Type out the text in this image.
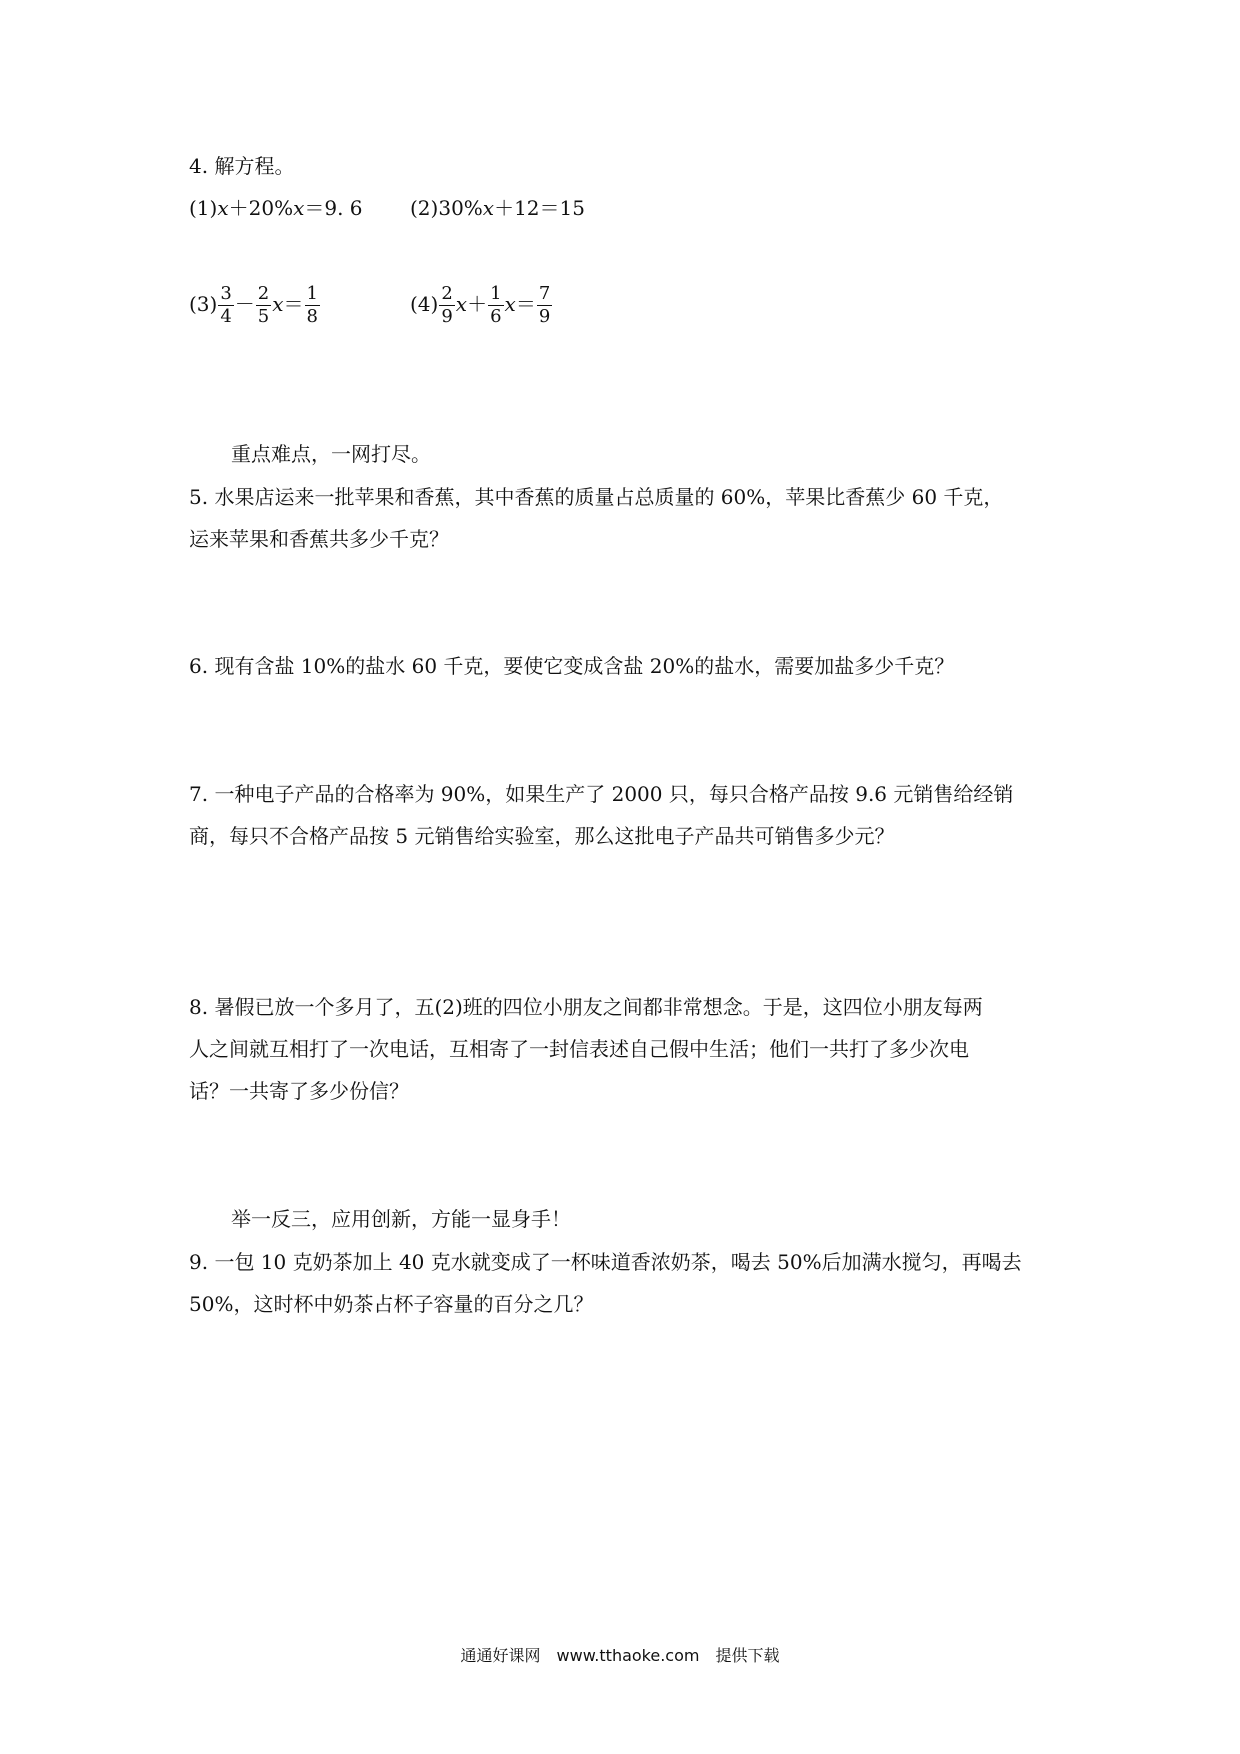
4. 解方程。
(1)x＋20%x＝9. 6 (2)30%x＋12＝15
$(3) \frac{3}{4} - \frac{2}{5} x= \frac{1}{8}$	$(4) \frac{2}{9} x+ \frac{1}{6} x= \frac{7}{9}$
重点难点，一网打尽。
5. 水果店运来一批苹果和香蕉，其中香蕉的质量占总质量的 60%，苹果比香蕉少 60 千克，
运来苹果和香蕉共多少千克？
6. 现有含盐 10%的盐水 60 千克，要使它变成含盐 20%的盐水，需要加盐多少千克？
7. 一种电子产品的合格率为 90%，如果生产了 2000 只，每只合格产品按 9.6 元销售给经销
商，每只不合格产品按 5 元销售给实验室，那么这批电子产品共可销售多少元？
8. 暑假已放一个多月了，五(2)班的四位小朋友之间都非常想念。于是，这四位小朋友每两
人之间就互相打了一次电话，互相寄了一封信表述自己假中生活；他们一共打了多少次电
话？一共寄了多少份信？
举一反三，应用创新，方能一显身手！
9. 一包 10 克奶茶加上 40 克水就变成了一杯味道香浓奶茶，喝去 50%后加满水搅匀，再喝去
50%，这时杯中奶茶占杯子容量的百分之几？
通通好课网　www.tthaoke.com　提供下载
